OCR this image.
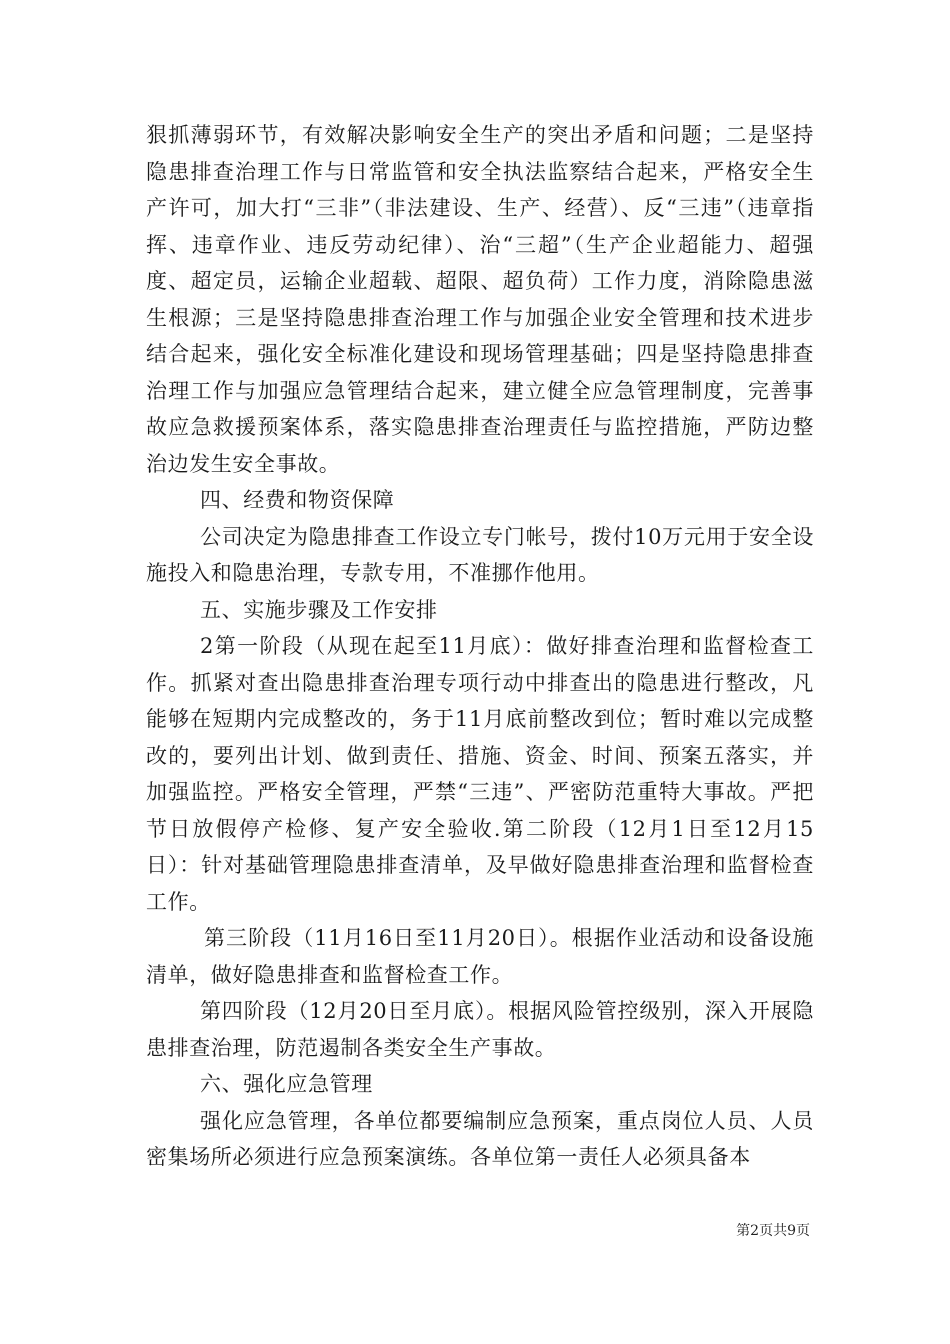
狠抓薄弱环节，有效解决影响安全生产的突出矛盾和问题；二是坚持隐患排查治理工作与日常监管和安全执法监察结合起来，严格安全生产许可，加大打“三非”（非法建设、生产、经营）、反“三违”（违章指挥、违章作业、违反劳动纪律）、治“三超”（生产企业超能力、超强度、超定员，运输企业超载、超限、超负荷）工作力度，消除隐患滋生根源；三是坚持隐患排查治理工作与加强企业安全管理和技术进步结合起来，强化安全标准化建设和现场管理基础；四是坚持隐患排查治理工作与加强应急管理结合起来，建立健全应急管理制度，完善事故应急救援预案体系，落实隐患排查治理责任与监控措施，严防边整治边发生安全事故。

四、经费和物资保障

公司决定为隐患排查工作设立专门帐号，拨付10万元用于安全设施投入和隐患治理，专款专用，不准挪作他用。

五、实施步骤及工作安排

2第一阶段（从现在起至11月底）：做好排查治理和监督检查工作。抓紧对查出隐患排查治理专项行动中排查出的隐患进行整改，凡能够在短期内完成整改的，务于11月底前整改到位；暂时难以完成整改的，要列出计划、做到责任、措施、资金、时间、预案五落实，并加强监控。严格安全管理，严禁“三违”、严密防范重特大事故。严把节日放假停产检修、复产安全验收.第二阶段（12月1日至12月15日）：针对基础管理隐患排查清单，及早做好隐患排查治理和监督检查工作。

第三阶段（11月16日至11月20日）。根据作业活动和设备设施清单，做好隐患排查和监督检查工作。

第四阶段（12月20日至月底）。根据风险管控级别，深入开展隐患排查治理，防范遏制各类安全生产事故。

六、强化应急管理

强化应急管理，各单位都要编制应急预案，重点岗位人员、人员密集场所必须进行应急预案演练。各单位第一责任人必须具备本

第2页共9页
